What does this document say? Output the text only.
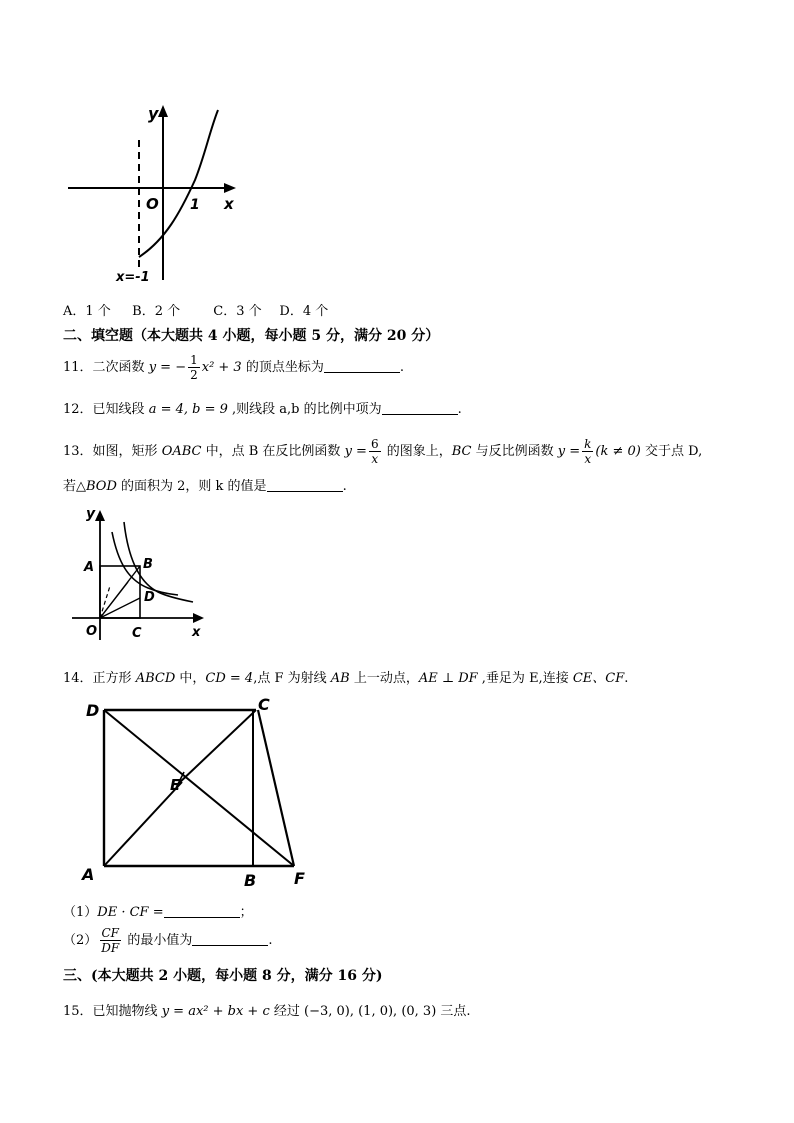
y
O 1 x
x=-1
A．1 个 B．2 个	C．3 个 D．4 个
二、填空题（本大题共 4 小题，每小题 5 分，满分 20 分）
11．二次函数 y = − $\frac{1}{2} x^2 + 3$ 的顶点坐标为	.
12．已知线段 a = 4, b = 9 ,则线段 a,b 的比例中项为	.
13．如图，矩形 OABC 中，点 B 在反比例函数 $y = \frac{6}{x}$ 的图象上，BC 与反比例函数 $y = \frac{k}{x} (k \ne 0)$ 交于点 D,
若△BOD 的面积为 2，则 k 的值是	.
y
A	B
D
O	C	x
14．正方形 ABCD 中，CD = 4,点 F 为射线 AB 上一动点，AE ⊥ DF ,垂足为 E,连接 CE、CF.
D	C
E
A	B F
（1）DE · CF =	；
$(2) \frac{CF}{DF}$ 的最小值为	.
三、(本大题共 2 小题，每小题 8 分，满分 16 分)
15．已知抛物线 y = ax² + bx + c 经过 (−3, 0), (1, 0), (0, 3) 三点.
